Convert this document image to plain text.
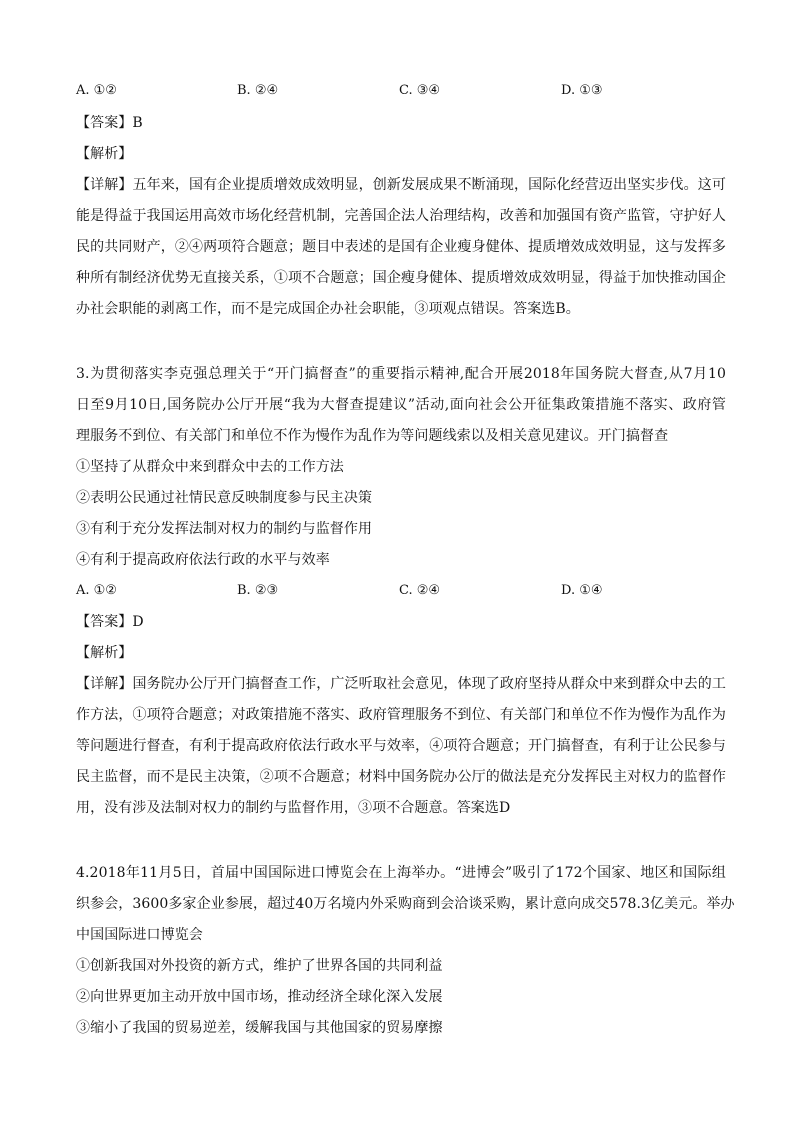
A. ①②	B. ②④	C. ③④	D. ①③
【答案】B
【解析】
【详解】五年来，国有企业提质增效成效明显，创新发展成果不断涌现，国际化经营迈出坚实步伐。这可
能是得益于我国运用高效市场化经营机制，完善国企法人治理结构，改善和加强国有资产监管，守护好人
民的共同财产，②④两项符合题意；题目中表述的是国有企业瘦身健体、提质增效成效明显，这与发挥多
种所有制经济优势无直接关系，①项不合题意；国企瘦身健体、提质增效成效明显，得益于加快推动国企
办社会职能的剥离工作，而不是完成国企办社会职能，③项观点错误。答案选B。
3.为贯彻落实李克强总理关于“开门搞督查”的重要指示精神,配合开展2018年国务院大督查,从7月10
日至9月10日,国务院办公厅开展“我为大督查提建议”活动,面向社会公开征集政策措施不落实、政府管
理服务不到位、有关部门和单位不作为慢作为乱作为等问题线索以及相关意见建议。开门搞督查
①坚持了从群众中来到群众中去的工作方法
②表明公民通过社情民意反映制度参与民主决策
③有利于充分发挥法制对权力的制约与监督作用
④有利于提高政府依法行政的水平与效率
A. ①②	B. ②③	C. ②④	D. ①④
【答案】D
【解析】
【详解】国务院办公厅开门搞督查工作，广泛听取社会意见，体现了政府坚持从群众中来到群众中去的工
作方法，①项符合题意；对政策措施不落实、政府管理服务不到位、有关部门和单位不作为慢作为乱作为
等问题进行督查，有利于提高政府依法行政水平与效率，④项符合题意；开门搞督查，有利于让公民参与
民主监督，而不是民主决策，②项不合题意；材料中国务院办公厅的做法是充分发挥民主对权力的监督作
用，没有涉及法制对权力的制约与监督作用，③项不合题意。答案选D
4.2018年11月5日，首届中国国际进口博览会在上海举办。“进博会”吸引了172个国家、地区和国际组
织参会，3600多家企业参展，超过40万名境内外采购商到会洽谈采购，累计意向成交578.3亿美元。举办
中国国际进口博览会
①创新我国对外投资的新方式，维护了世界各国的共同利益
②向世界更加主动开放中国市场，推动经济全球化深入发展
③缩小了我国的贸易逆差，缓解我国与其他国家的贸易摩擦
